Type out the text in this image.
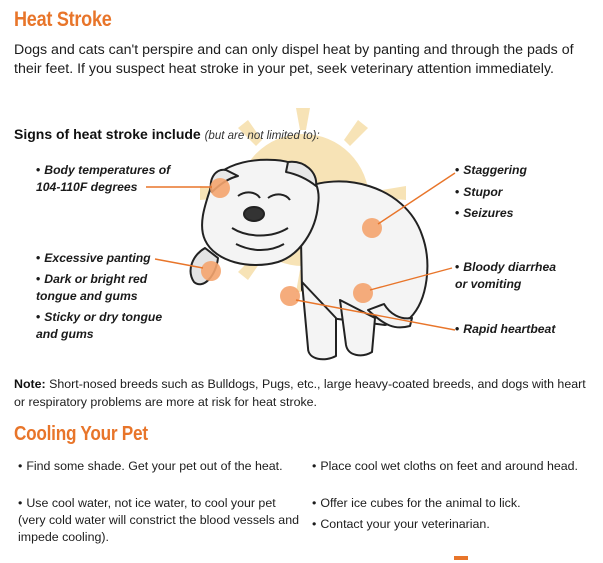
Heat Stroke

Dogs and cats can't perspire and can only dispel heat by panting and through the pads of their feet. If you suspect heat stroke in your pet, seek veterinary attention immediately.

Signs of heat stroke include (but are not limited to):

• Body temperatures of
104-110F degrees

• Excessive panting

• Dark or bright red
tongue and gums

• Sticky or dry tongue
and gums

• Staggering

• Stupor

• Seizures

• Bloody diarrhea
or vomiting

• Rapid heartbeat

Note: Short-nosed breeds such as Bulldogs, Pugs, etc., large heavy-coated breeds, and dogs with heart or respiratory problems are more at risk for heat stroke.

Cooling Your Pet

• Find some shade. Get your pet out of the heat.

• Use cool water, not ice water, to cool your pet (very cold water will constrict the blood vessels and impede cooling).

• Place cool wet cloths on feet and around head.

• Offer ice cubes for the animal to lick.

• Contact your your veterinarian.
